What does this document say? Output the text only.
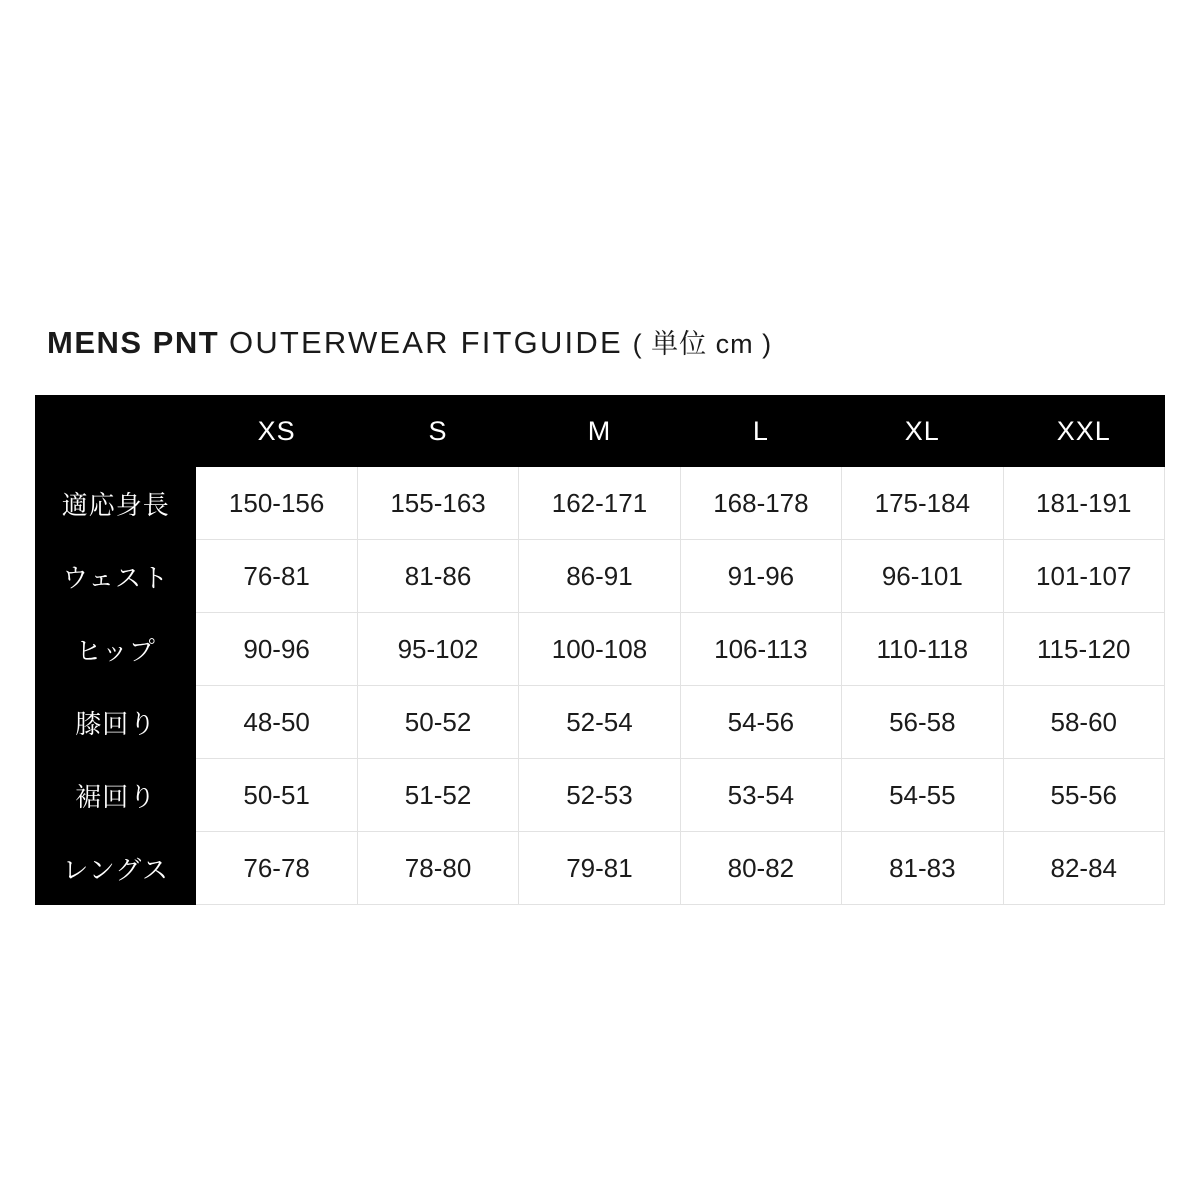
MENS PNT OUTERWEAR FITGUIDE ( 単位 cm )
	XS	S	M	L	XL	XXL
適応身長	150-156	155-163	162-171	168-178	175-184	181-191
ウェスト	76-81	81-86	86-91	91-96	96-101	101-107
ヒップ	90-96	95-102	100-108	106-113	110-118	115-120
膝回り	48-50	50-52	52-54	54-56	56-58	58-60
裾回り	50-51	51-52	52-53	53-54	54-55	55-56
レングス	76-78	78-80	79-81	80-82	81-83	82-84
